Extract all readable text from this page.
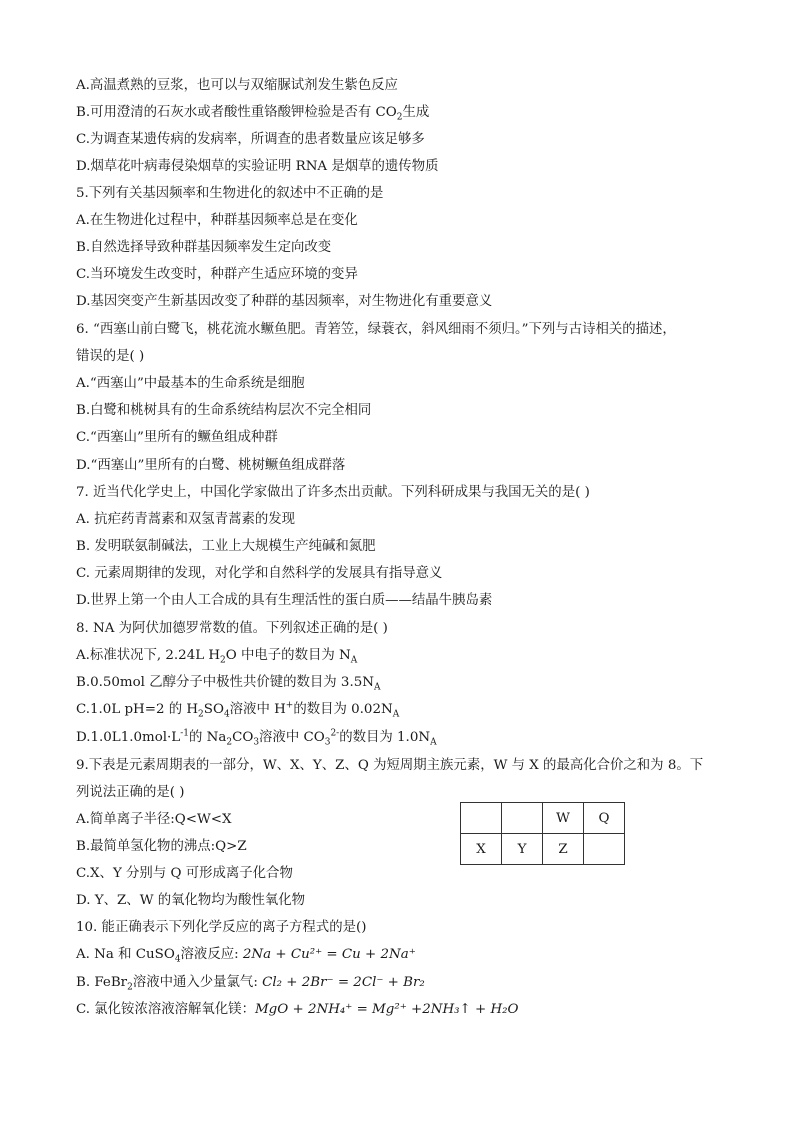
A.高温煮熟的豆浆，也可以与双缩脲试剂发生紫色反应
B.可用澄清的石灰水或者酸性重铬酸钾检验是否有 $CO_2$生成
C.为调查某遗传病的发病率，所调查的患者数量应该足够多
D.烟草花叶病毒侵染烟草的实验证明 RNA 是烟草的遗传物质
5.下列有关基因频率和生物进化的叙述中不正确的是
A.在生物进化过程中，种群基因频率总是在变化
B.自然选择导致种群基因频率发生定向改变
C.当环境发生改变时，种群产生适应环境的变异
D.基因突变产生新基因改变了种群的基因频率，对生物进化有重要意义
6. “西塞山前白鹭飞，桃花流水鳜鱼肥。青箬笠，绿蓑衣，斜风细雨不须归。”下列与古诗相关的描述，
错误的是( )
A.“西塞山”中最基本的生命系统是细胞
B.白鹭和桃树具有的生命系统结构层次不完全相同
C.“西塞山”里所有的鳜鱼组成种群
D.“西塞山”里所有的白鹭、桃树鳜鱼组成群落
7. 近当代化学史上，中国化学家做出了许多杰出贡献。下列科研成果与我国无关的是( )
A. 抗疟药青蒿素和双氢青蒿素的发现
B. 发明联氨制碱法，工业上大规模生产纯碱和氮肥
C. 元素周期律的发现，对化学和自然科学的发展具有指导意义
D.世界上第一个由人工合成的具有生理活性的蛋白质——结晶牛胰岛素
8. NA 为阿伏加德罗常数的值。下列叙述正确的是( )
A.标准状况下, 2.24L $H_2O$ 中电子的数目为 $N_A$
B.0.50mol 乙醇分子中极性共价键的数目为 $3.5N_A$
C.1.0L pH=2 的 $H_2SO_4$溶液中 H+的数目为 $0.02N_A$
$D.1.0L1.0mol\cdot L^{-1}$的 $Na_2CO_3$溶液中 $CO_3^{2-}$的数目为 $1.0N_A$
9.下表是元素周期表的一部分，W、X、Y、Z、Q 为短周期主族元素，W 与 X 的最高化合价之和为 8。下
列说法正确的是( )
A.简单离子半径:Q<W<X
B.最简单氢化物的沸点:Q>Z
C.X、Y 分别与 Q 可形成离子化合物
D. Y、Z、W 的氧化物均为酸性氧化物
		W	Q
X	Y	Z	
10. 能正确表示下列化学反应的离子方程式的是()
A. Na 和 CuSO$_4$溶液反应: 2Na + Cu²⁺ = Cu + 2Na⁺
B. FeBr$_2$溶液中通入少量氯气: Cl₂ + 2Br⁻ = 2Cl⁻ + Br₂
C. 氯化铵浓溶液溶解氧化镁：MgO + 2NH₄⁺ = Mg²⁺ +2NH₃↑ + H₂O
